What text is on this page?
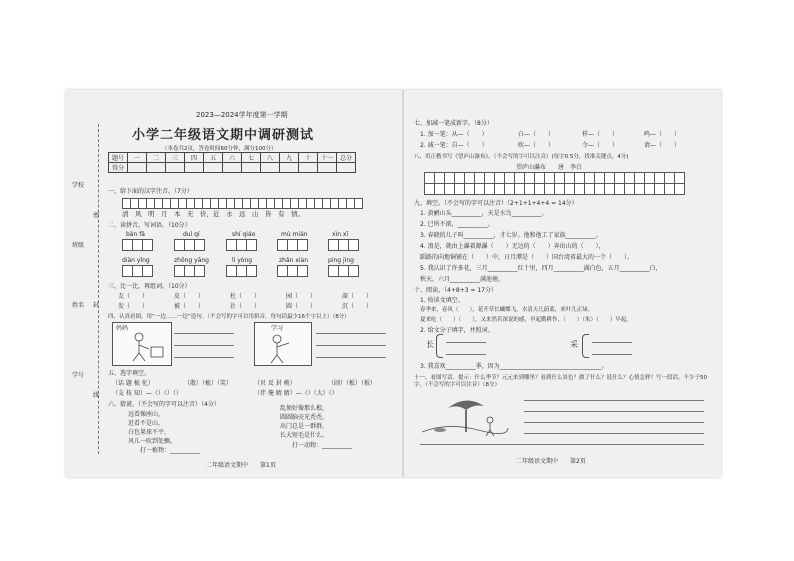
学校
班级
姓名
学号
密
封
线
2023—2024学年度第一学期
小学二年级语文期中调研测试
（本卷共2页，答卷时间60分钟，满分100分）
题号	一	二	三	四	五	六	七	八	九	十	十一	总分
得分												
一、给下面的汉字注音。（7分）
清　风　明　月　本　无　价，近　水　远　山　皆　有　情。
二、读拼音，写词语。（10分）
bàn fǎ	duì qí	shí qiáo	mù mián	xìn xī
diàn yǐng	zhōng yāng	lì yòng	zhǎn xiàn	píng jìng
三、比一比，再组词。（10分）
友（　　）	皮（　　）	杜（　　）	园（　　）	深（　　）
发（　　）	被（　　）	社（　　）	圆（　　）	沉（　　）
四、认真看图，用“一边……一边”造句。（不会写的字可以用拼音，每句话最少16个字以上）（8分）
妈妈	学习
五、选字填空。
（话 题 梳 化）	（散）（梳）（笑）	（贝 反 封 桃）	（闹）（板）（扳）
（支 枝 知）—（）（）（）	（伴 俺 睛 睛）—（）（大）（）
六、猜谜。（不会写的字可以注音）（4分）
远看像座山，
近看不是山，
白色果球不平，
风儿一吹到处飘。
打一植物：__________
乱须好像那么根，
圆圆脑壳光秃秃，
出门总是一群群，
长大短毛是什么。
打一动物：__________
二年级语文期中　　第1页
七、加减一笔成新字。（8分）
1. 加一笔：从—（　　）	白—（　　）	样—（　　）	鸣—（　　）
2. 减一笔：自—（　　）	吹—（　　）	令—（　　）	请—（　　）
八、用正楷书写《望庐山瀑布》。（不会写的字可以注音）(每字0.5分，找准关键点，4分)
望庐山瀑布　　唐　李白
九、填空。（不会写的字可以注音）（2+1+1+4+4 = 14分）
1. 黄鹂山头__________，天是水鸟__________。
2. 已所不欲，__________。
3. 春晓的儿子叫__________，才七岁。他和他工了家族__________。
4. 浪是，就由上瀑着源瀑（　　）无边的（　　）奔出山的（　　），
蹈路的向地铜铺在（　　）中，日月潭是（　　）国台湾省最大的一个（　　）。
5. 我认识了许多花，三月__________红十里，四月__________满白色，五月__________白，
秋天，六月__________满池塘。
十、阅读。（4+8+3 = 17分）
1. 按读文填空。
春季来，春风（　　），花开草长蝴蝶飞，水清天几蔚蓝，来叶儿正绿。
夏来吃（　　）（　　），又来然若深说的感，早起勤耕作，（　　）（朱）（　　）早起。
2. 给文分子填字，并照词。
长	采
3. 我喜欢__________季，因为__________________________________。
十一、看图写话。提示：什么季节？元元来到哪里？看到什么景色？做了什么？说什么？心情怎样？写一段话，不少于50字。（不会写的字可以注音）（8分）
二年级语文期中　　第2页
